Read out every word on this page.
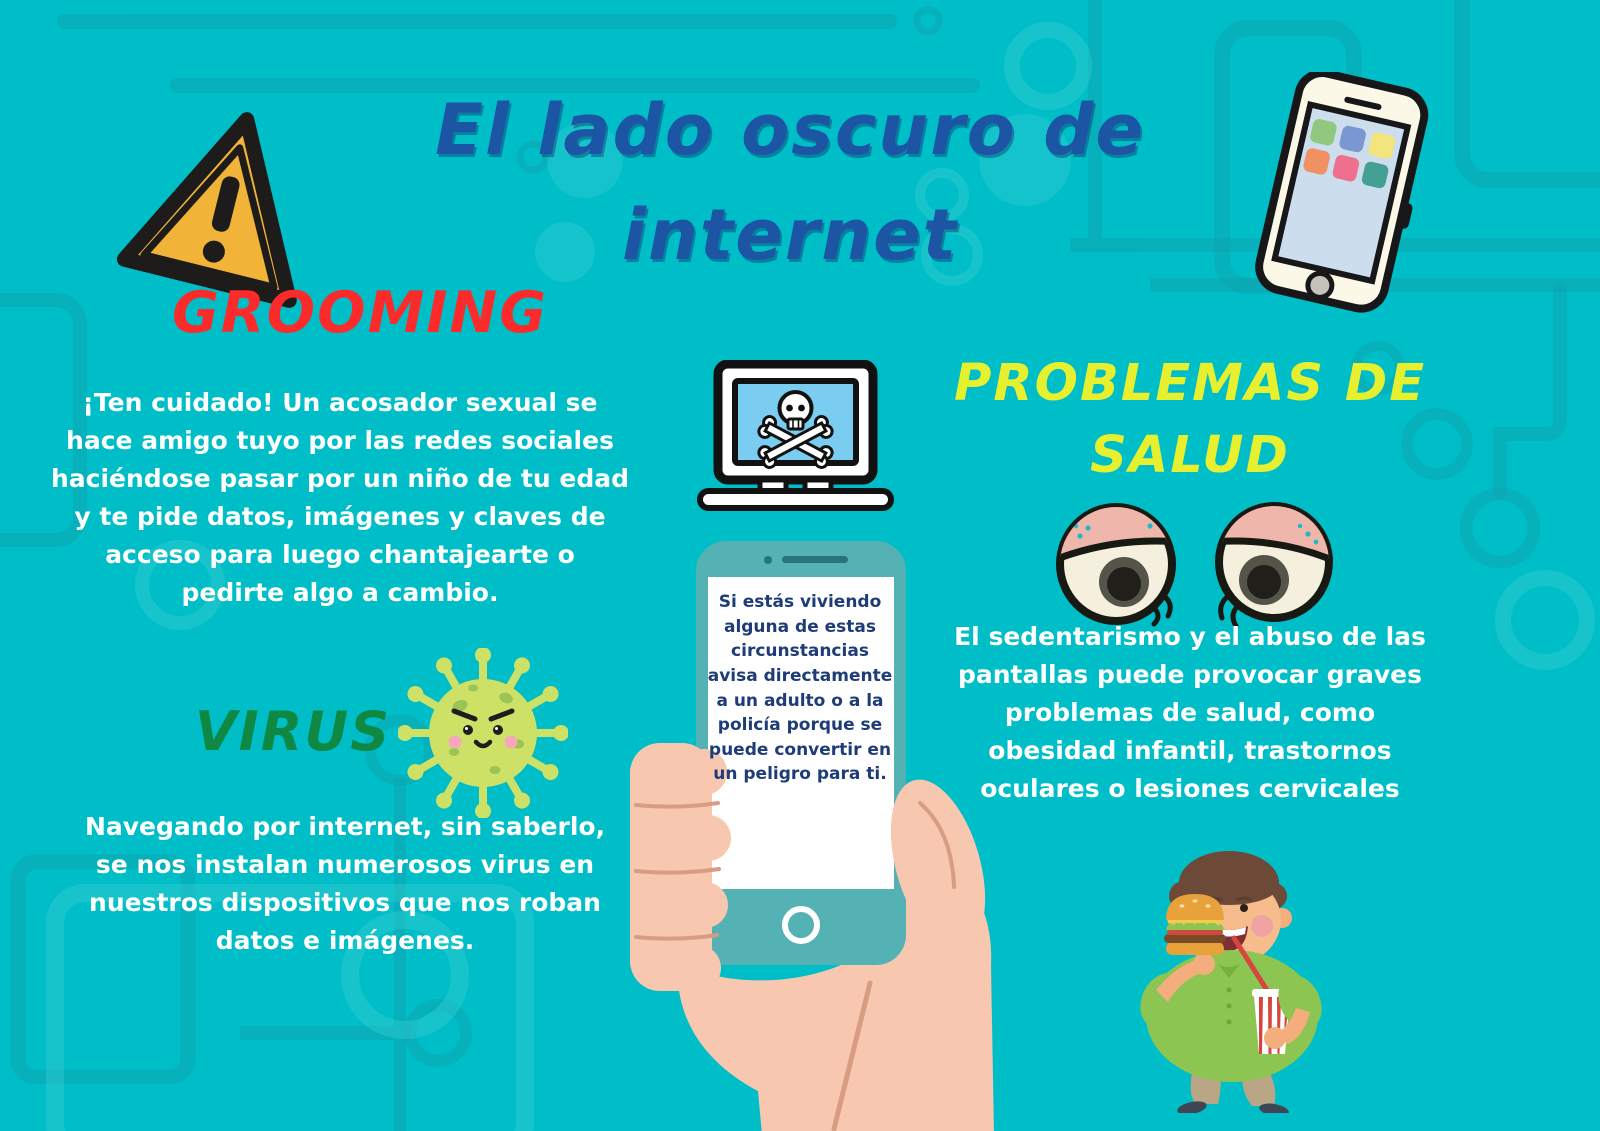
El lado oscuro de
internet
GROOMING
¡Ten cuidado! Un acosador sexual se hace amigo tuyo por las redes sociales haciéndose pasar por un niño de tu edad y te pide datos, imágenes y claves de acceso para luego chantajearte o pedirte algo a cambio.
PROBLEMAS DE
SALUD
El sedentarismo y el abuso de las pantallas puede provocar graves problemas de salud, como obesidad infantil, trastornos oculares o lesiones cervicales
VIRUS
Navegando por internet, sin saberlo, se nos instalan numerosos virus en nuestros dispositivos que nos roban datos e imágenes.
Si estás viviendo alguna de estas circunstancias avisa directamente a un adulto o a la policía porque se puede convertir en un peligro para ti.
